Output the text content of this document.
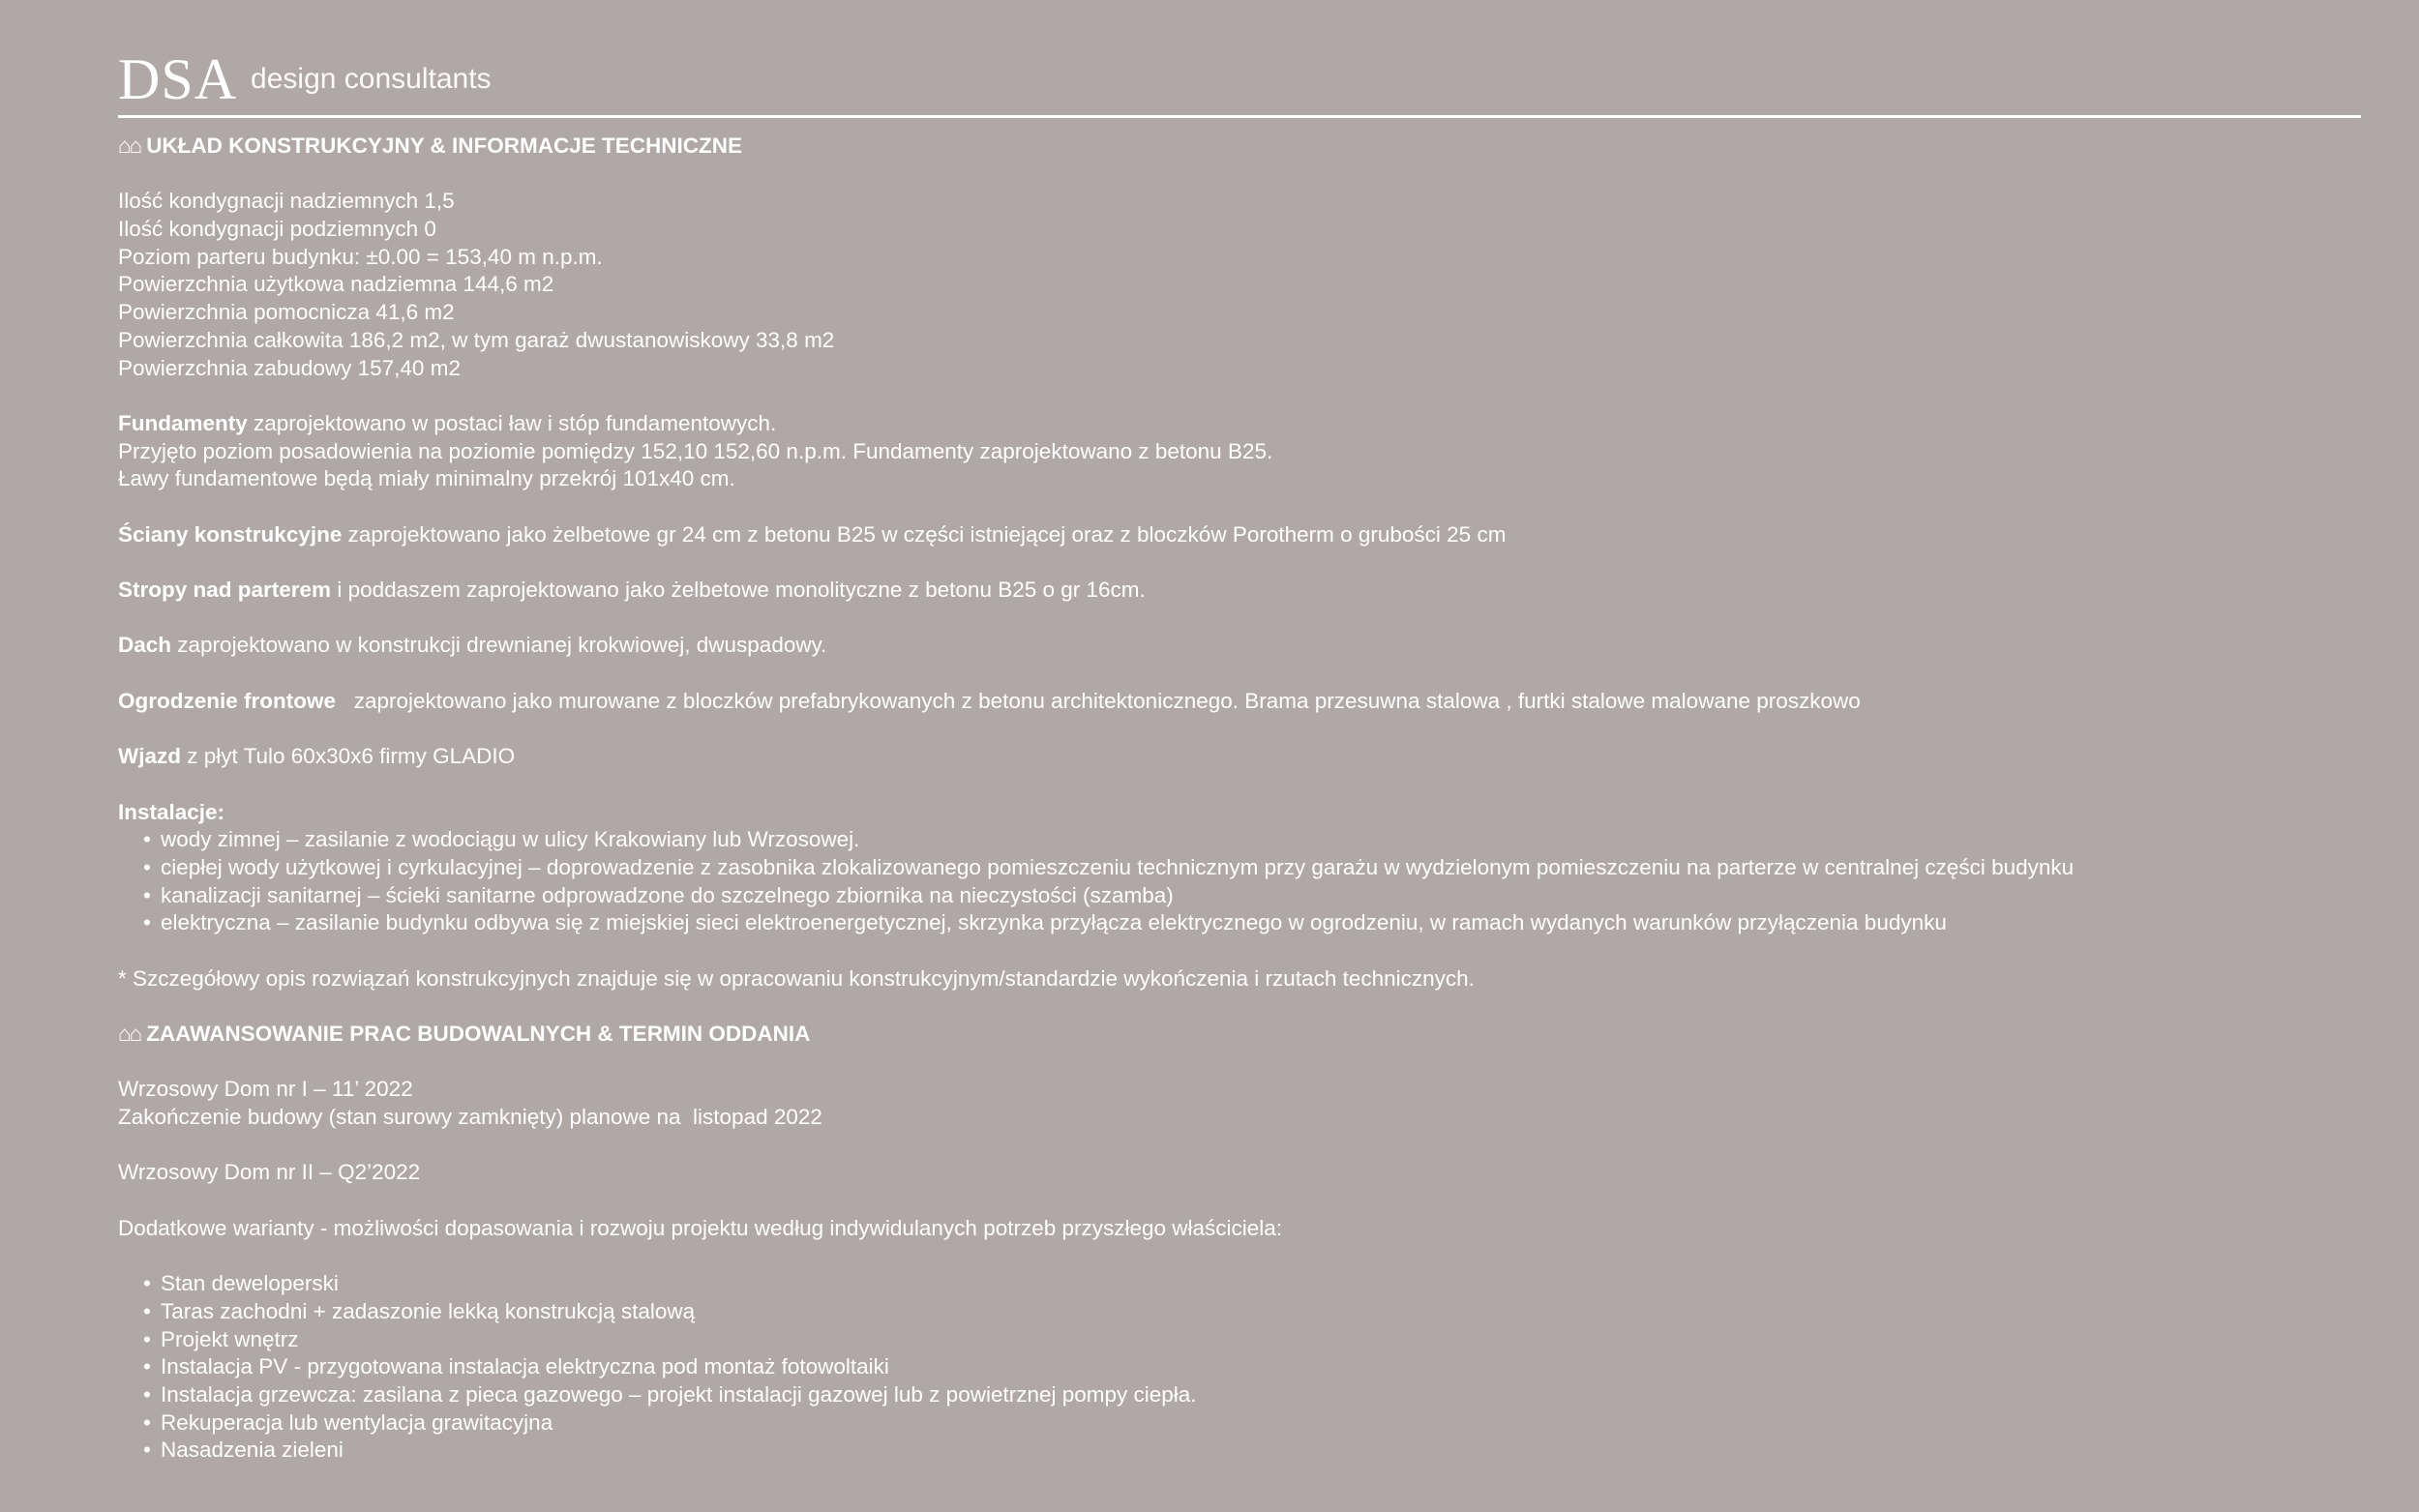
DSA design consultants
⌂⌂ UKŁAD KONSTRUKCYJNY & INFORMACJE TECHNICZNE
Ilość kondygnacji nadziemnych 1,5
Ilość kondygnacji podziemnych 0
Poziom parteru budynku: ±0.00 = 153,40 m n.p.m.
Powierzchnia użytkowa nadziemna 144,6 m2
Powierzchnia pomocnicza 41,6 m2
Powierzchnia całkowita 186,2 m2, w tym garaż dwustanowiskowy 33,8 m2
Powierzchnia zabudowy 157,40 m2
Fundamenty zaprojektowano w postaci ław i stóp fundamentowych.
Przyjęto poziom posadowienia na poziomie pomiędzy 152,10 152,60 n.p.m. Fundamenty zaprojektowano z betonu B25.
Ławy fundamentowe będą miały minimalny przekrój 101x40 cm.
Ściany konstrukcyjne zaprojektowano jako żelbetowe gr 24 cm z betonu B25 w części istniejącej oraz z bloczków Porotherm o grubości 25 cm
Stropy nad parterem i poddaszem zaprojektowano jako żelbetowe monolityczne z betonu B25 o gr 16cm.
Dach zaprojektowano w konstrukcji drewnianej krokwiowej, dwuspadowy.
Ogrodzenie frontowe   zaprojektowano jako murowane z bloczków prefabrykowanych z betonu architektonicznego. Brama przesuwna stalowa , furtki stalowe malowane proszkowo
Wjazd z płyt Tulo 60x30x6 firmy GLADIO
Instalacje:
• wody zimnej – zasilanie z wodociągu w ulicy Krakowiany lub Wrzosowej.
• ciepłej wody użytkowej i cyrkulacyjnej – doprowadzenie z zasobnika zlokalizowanego pomieszczeniu technicznym przy garażu w wydzielonym pomieszczeniu na parterze w centralnej części budynku
• kanalizacji sanitarnej – ścieki sanitarne odprowadzone do szczelnego zbiornika na nieczystości (szamba)
• elektryczna – zasilanie budynku odbywa się z miejskiej sieci elektroenergetycznej, skrzynka przyłącza elektrycznego w ogrodzeniu, w ramach wydanych warunków przyłączenia budynku
* Szczegółowy opis rozwiązań konstrukcyjnych znajduje się w opracowaniu konstrukcyjnym/standardzie wykończenia i rzutach technicznych.
⌂⌂ ZAAWANSOWANIE PRAC BUDOWALNYCH & TERMIN ODDANIA
Wrzosowy Dom nr I – 11’ 2022
Zakończenie budowy (stan surowy zamknięty) planowe na  listopad 2022
Wrzosowy Dom nr II – Q2’2022
Dodatkowe warianty - możliwości dopasowania i rozwoju projektu według indywidulanych potrzeb przyszłego właściciela:
• Stan deweloperski
• Taras zachodni + zadaszonie lekką konstrukcją stalową
• Projekt wnętrz
• Instalacja PV - przygotowana instalacja elektryczna pod montaż fotowoltaiki
• Instalacja grzewcza: zasilana z pieca gazowego – projekt instalacji gazowej lub z powietrznej pompy ciepła.
• Rekuperacja lub wentylacja grawitacyjna
• Nasadzenia zieleni
